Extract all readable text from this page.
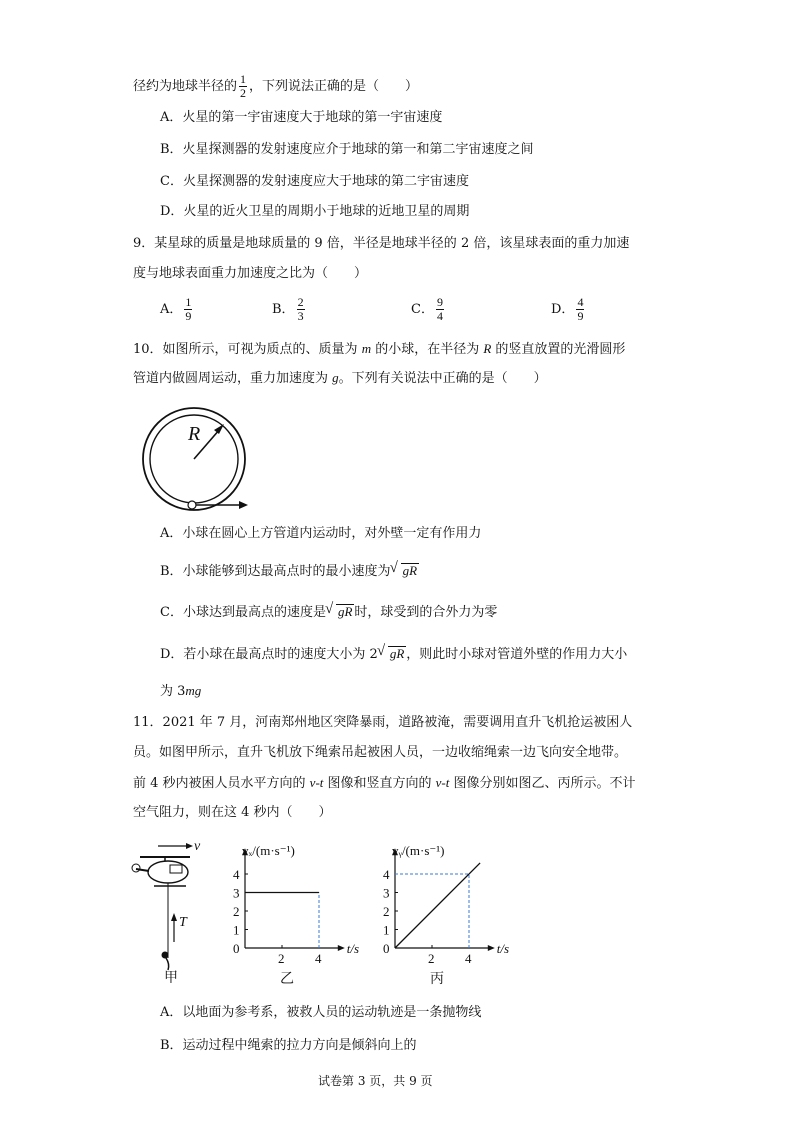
径约为地球半径的 $\frac{1}{2}$ ，下列说法正确的是（　　）
A．火星的第一宇宙速度大于地球的第一宇宙速度
B．火星探测器的发射速度应介于地球的第一和第二宇宙速度之间
C．火星探测器的发射速度应大于地球的第二宇宙速度
D．火星的近火卫星的周期小于地球的近地卫星的周期
9．某星球的质量是地球质量的 9 倍，半径是地球半径的 2 倍，该星球表面的重力加速
度与地球表面重力加速度之比为（　　）
A． $\frac{1}{9}$	B． $\frac{2}{3}$	C． $\frac{9}{4}$	D． $\frac{4}{9}$
10．如图所示，可视为质点的、质量为 m 的小球，在半径为 R 的竖直放置的光滑圆形
管道内做圆周运动，重力加速度为 g。下列有关说法中正确的是（　　）
R
A．小球在圆心上方管道内运动时，对外壁一定有作用力
B．小球能够到达最高点时的最小速度为 √ gR
C．小球达到最高点的速度是 √ gR 时，球受到的合外力为零
D．若小球在最高点时的速度大小为 2 √ gR ，则此时小球对管道外壁的作用力大小
为 3mg
11．2021 年 7 月，河南郑州地区突降暴雨，道路被淹，需要调用直升飞机抢运被困人
员。如图甲所示，直升飞机放下绳索吊起被困人员，一边收缩绳索一边飞向安全地带。
前 4 秒内被困人员水平方向的 v-t 图像和竖直方向的 v-t 图像分别如图乙、丙所示。不计
空气阻力，则在这 4 秒内（　　）
v
T
甲
0
1
2
3
4
2 4
vₓ/(m·s⁻¹)
t/s
乙
0
1
2
3
4
2 4
vᵧ/(m·s⁻¹)
t/s
丙
A．以地面为参考系，被救人员的运动轨迹是一条抛物线
B．运动过程中绳索的拉力方向是倾斜向上的
试卷第 3 页，共 9 页
